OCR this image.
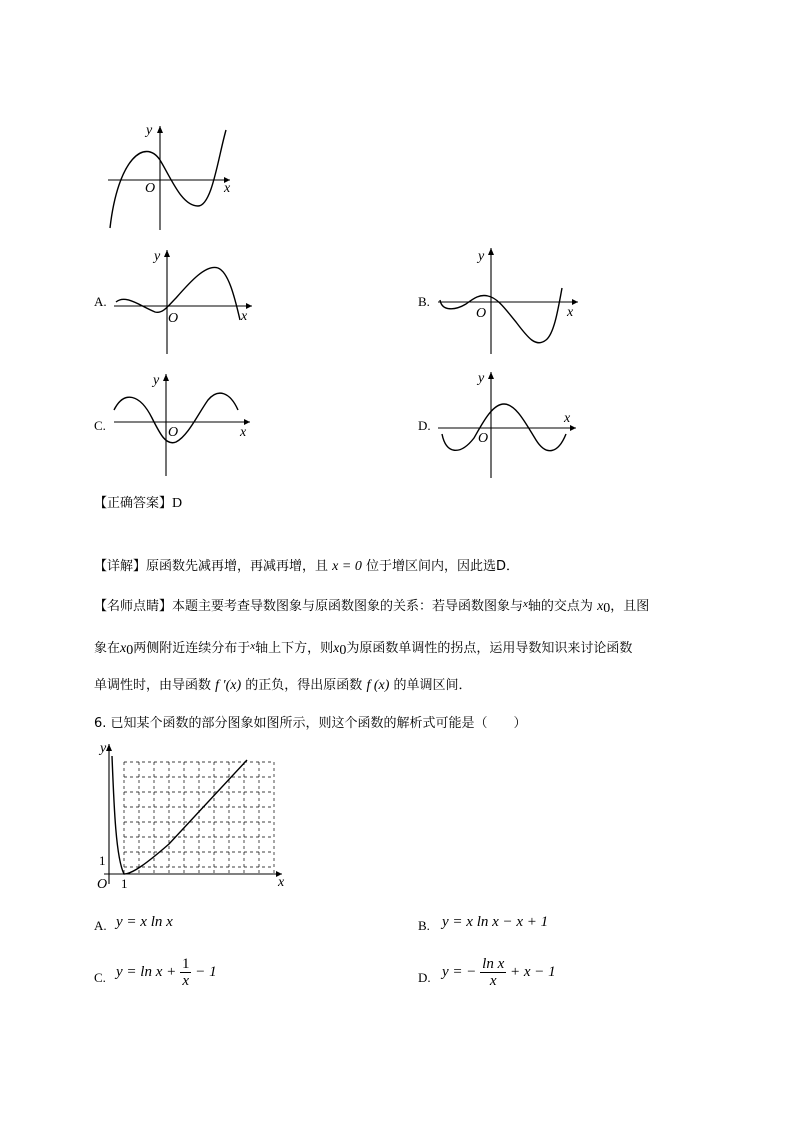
y
x
O
A.
y
x
O
B.
y
x
O
C.
y
x
O	D.
y
x
O
【正确答案】D
【详解】原函数先减再增，再减再增，且 x = 0 位于增区间内，因此选D．
【名师点睛】本题主要考查导数图象与原函数图象的关系：若导函数图象与$^x$轴的交点为 $x_0$，且图
象在$x_0$两侧附近连续分布于$^x$轴上下方，则$x_0$为原函数单调性的拐点，运用导数知识来讨论函数
单调性时，由导函数 f ′(x) 的正负，得出原函数 f (x) 的单调区间．
6. 已知某个函数的部分图象如图所示，则这个函数的解析式可能是（　　）
y
x
O 1
1
A. y = x ln x	B. y = x ln x − x + 1
C. $y = \ln x + \frac{1}{x} - 1$	D. y = − $\frac{\text{ln x}}{x} + x - 1$
